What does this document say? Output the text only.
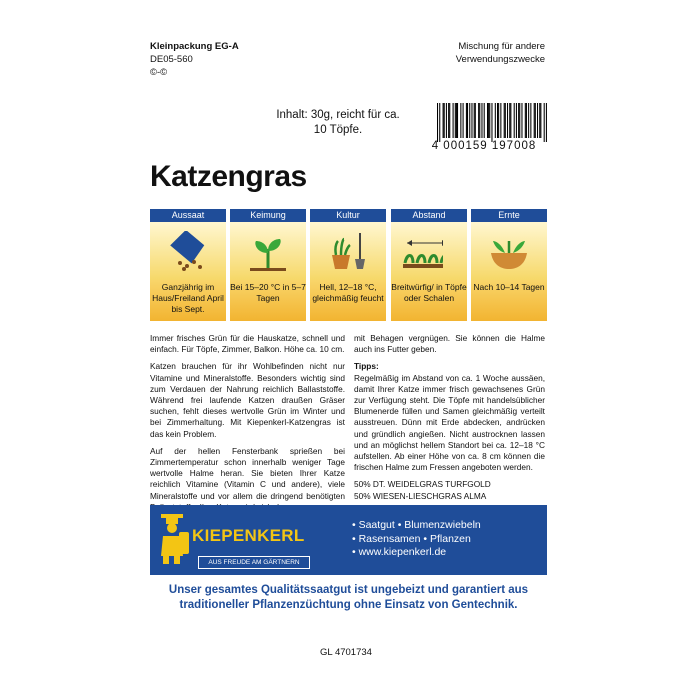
Kleinpackung EG-A
DE05-560
©-©
Mischung für andere
Verwendungszwecke
Inhalt: 30g, reicht für ca. 10 Töpfe.
4 000159 197008
Katzengras
Aussaat
Ganzjährig im Haus/Freiland April bis Sept.
Keimung
Bei 15–20 °C in 5–7 Tagen
Kultur
Hell, 12–18 °C, gleichmäßig feucht
Abstand
Breitwürfig/ in Töpfe oder Schalen
Ernte
Nach 10–14 Tagen

Immer frisches Grün für die Hauskatze, schnell und einfach. Für Töpfe, Zimmer, Balkon. Höhe ca. 10 cm.

Katzen brauchen für ihr Wohlbefinden nicht nur Vitamine und Mineralstoffe. Besonders wichtig sind zum Verdauen der Nahrung reichlich Ballaststoffe. Während frei laufende Katzen draußen Gräser suchen, fehlt dieses wertvolle Grün im Winter und bei Zimmerhaltung. Mit Kiepenkerl-Katzengras ist das kein Problem.

Auf der hellen Fensterbank sprießen bei Zimmertemperatur schon innerhalb weniger Tage wertvolle Halme heran. Sie bieten Ihrer Katze reichlich Vitamine (Vitamin C und andere), viele Mineralstoffe und vor allem die dringend benötigten

mit Behagen vergnügen. Sie können die Halme auch ins Futter geben.

Tipps:

Regelmäßig im Abstand von ca. 1 Woche aussäen, damit Ihrer Katze immer frisch gewachsenes Grün zur Verfügung steht. Die Töpfe mit handelsüblicher Blumenerde füllen und Samen gleichmäßig verteilt ausstreuen. Dünn mit Erde abdecken, andrücken und gründlich angießen. Nicht austrocknen lassen und an möglichst hellem Standort bei ca. 12–18 °C aufstellen. Ab einer Höhe von ca. 8 cm können die frischen Halme zum Fressen angeboten werden.

50% DT. WEIDELGRAS TURFGOLD
50% WIESEN-LIESCHGRAS ALMA

KIEPENKERL
AUS FREUDE AM GÄRTNERN
• Saatgut • Blumenzwiebeln
• Rasensamen • Pflanzen
• www.kiepenkerl.de
Unser gesamtes Qualitätssaatgut ist ungebeizt und garantiert aus traditioneller Pflanzenzüchtung ohne Einsatz von Gentechnik.
GL 4701734
